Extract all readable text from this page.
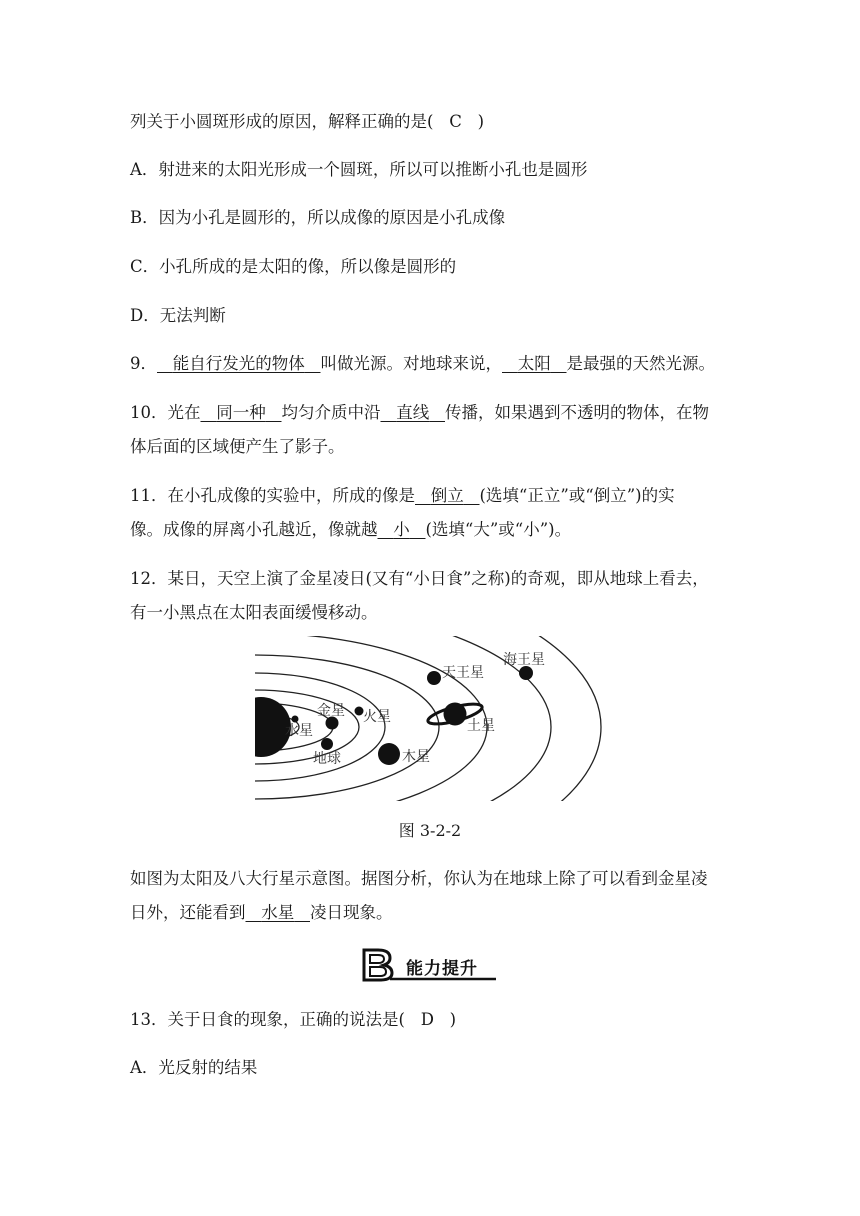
列关于小圆斑形成的原因，解释正确的是( C )
A．射进来的太阳光形成一个圆斑，所以可以推断小孔也是圆形
B．因为小孔是圆形的，所以成像的原因是小孔成像
C．小孔所成的是太阳的像，所以像是圆形的
D．无法判断
9． 能自行发光的物体 叫做光源。对地球来说， 太阳 是最强的天然光源。
10．光在 同一种 均匀介质中沿 直线 传播，如果遇到不透明的物体，在物
体后面的区域便产生了影子。
11．在小孔成像的实验中，所成的像是 倒立 (选填“正立”或“倒立”)的实
像。成像的屏离小孔越近，像就越 小 (选填“大”或“小”)。
12．某日，天空上演了金星凌日(又有“小日食”之称)的奇观，即从地球上看去，
有一小黑点在太阳表面缓慢移动。
水星
金星 火星
地球	木星
土星
天王星
海王星
图 3-2-2
如图为太阳及八大行星示意图。据图分析，你认为在地球上除了可以看到金星凌
日外，还能看到 水星 凌日现象。
B 能力提升
13．关于日食的现象，正确的说法是( D )
A．光反射的结果
